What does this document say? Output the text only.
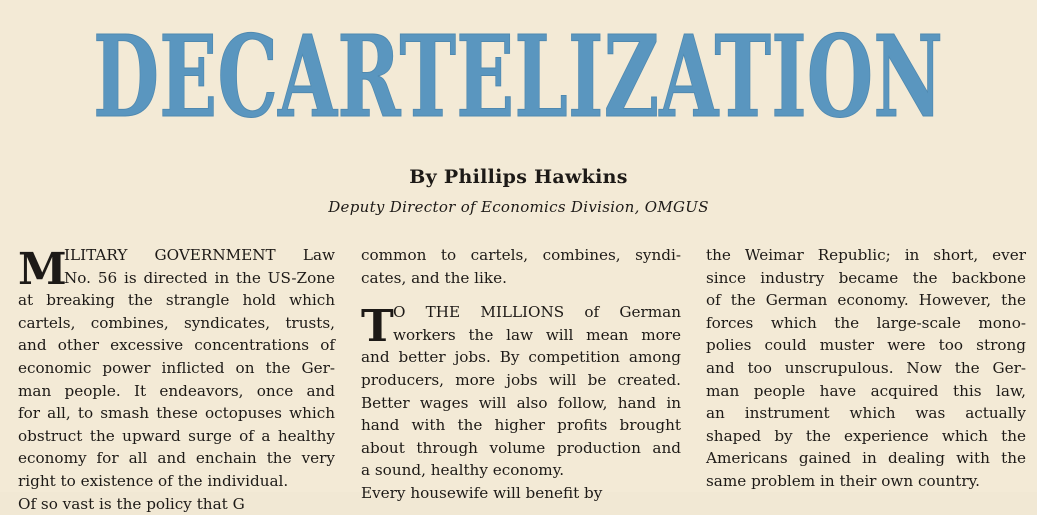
DECARTELIZATION
By Phillips Hawkins
Deputy Director of Economics Division, OMGUS
M
ILITARY GOVERNMENT Law
No. 56 is directed in the US-Zone
at breaking the strangle hold which
cartels, combines, syndicates, trusts,
and other excessive concentrations of
economic power inflicted on the Ger-
man people. It endeavors, once and
for all, to smash these octopuses which
obstruct the upward surge of a healthy
economy for all and enchain the very
right to existence of the individual.
Of so vast is the policy that G
common to cartels, combines, syndi-
cates, and the like.
T O THE MILLIONS of German
workers the law will mean more
and better jobs. By competition among
producers, more jobs will be created.
Better wages will also follow, hand in
hand with the higher profits brought
about through volume production and
a sound, healthy economy.
Every housewife will benefit by
the Weimar Republic; in short, ever
since industry became the backbone
of the German economy. However, the
forces which the large-scale mono-
polies could muster were too strong
and too unscrupulous. Now the Ger-
man people have acquired this law,
an instrument which was actually
shaped by the experience which the
Americans gained in dealing with the
same problem in their own country.
